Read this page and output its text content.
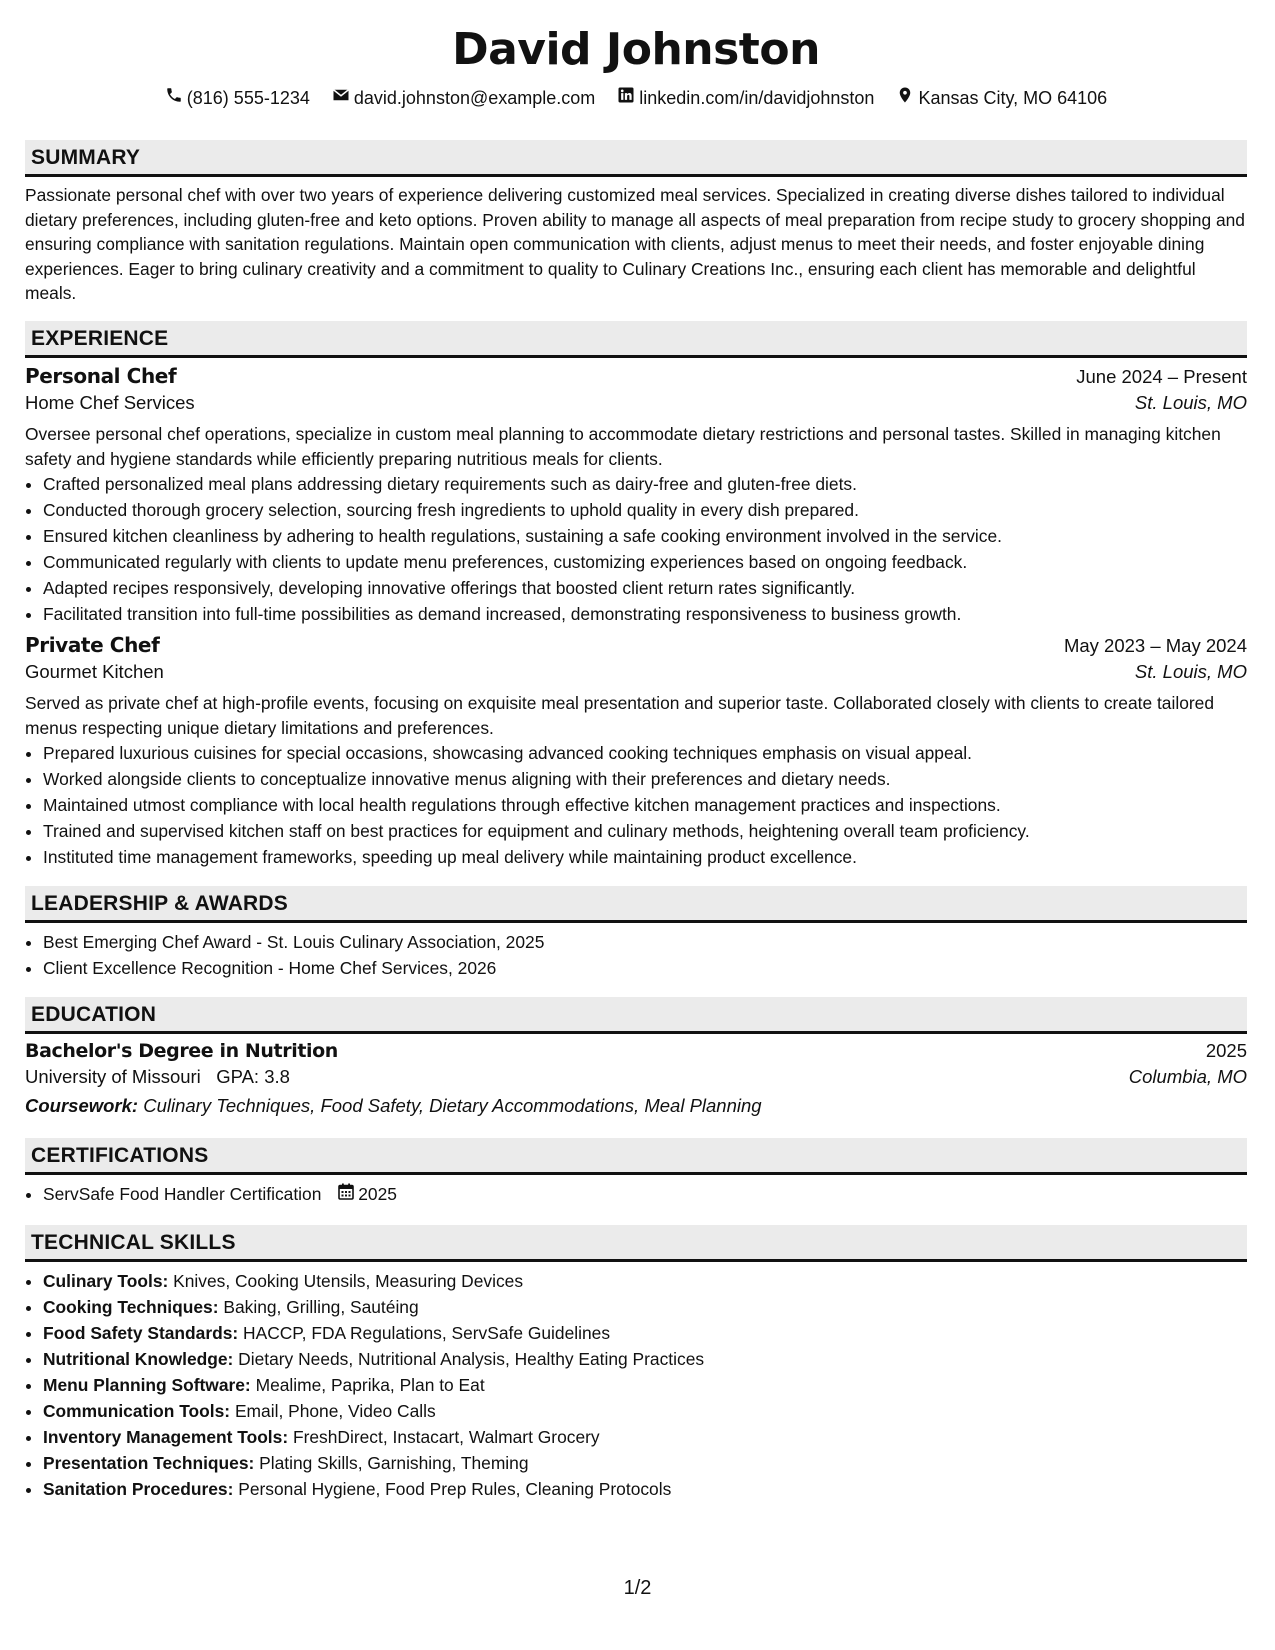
David Johnston
(816) 555-1234 david.johnston@example.com linkedin.com/in/davidjohnston Kansas City, MO 64106
SUMMARY

Passionate personal chef with over two years of experience delivering customized meal services. Specialized in creating diverse dishes tailored to individual dietary preferences, including gluten-free and keto options. Proven ability to manage all aspects of meal preparation from recipe study to grocery shopping and ensuring compliance with sanitation regulations. Maintain open communication with clients, adjust menus to meet their needs, and foster enjoyable dining experiences. Eager to bring culinary creativity and a commitment to quality to Culinary Creations Inc., ensuring each client has memorable and delightful meals.

EXPERIENCE
Personal Chef	June 2024 – Present
Home Chef Services	St. Louis, MO

Oversee personal chef operations, specialize in custom meal planning to accommodate dietary restrictions and personal tastes. Skilled in managing kitchen safety and hygiene standards while efficiently preparing nutritious meals for clients.

• Crafted personalized meal plans addressing dietary requirements such as dairy-free and gluten-free diets.
• Conducted thorough grocery selection, sourcing fresh ingredients to uphold quality in every dish prepared.
• Ensured kitchen cleanliness by adhering to health regulations, sustaining a safe cooking environment involved in the service.
• Communicated regularly with clients to update menu preferences, customizing experiences based on ongoing feedback.
• Adapted recipes responsively, developing innovative offerings that boosted client return rates significantly.
• Facilitated transition into full-time possibilities as demand increased, demonstrating responsiveness to business growth.
Private Chef	May 2023 – May 2024
Gourmet Kitchen	St. Louis, MO

Served as private chef at high-profile events, focusing on exquisite meal presentation and superior taste. Collaborated closely with clients to create tailored menus respecting unique dietary limitations and preferences.

• Prepared luxurious cuisines for special occasions, showcasing advanced cooking techniques emphasis on visual appeal.
• Worked alongside clients to conceptualize innovative menus aligning with their preferences and dietary needs.
• Maintained utmost compliance with local health regulations through effective kitchen management practices and inspections.
• Trained and supervised kitchen staff on best practices for equipment and culinary methods, heightening overall team proficiency.
• Instituted time management frameworks, speeding up meal delivery while maintaining product excellence.
LEADERSHIP & AWARDS
• Best Emerging Chef Award - St. Louis Culinary Association, 2025
• Client Excellence Recognition - Home Chef Services, 2026
EDUCATION
Bachelor's Degree in Nutrition	2025
University of Missouri GPA: 3.8	Columbia, MO
Coursework: Culinary Techniques, Food Safety, Dietary Accommodations, Meal Planning
CERTIFICATIONS
• ServSafe Food Handler Certification 2025
TECHNICAL SKILLS
• Culinary Tools: Knives, Cooking Utensils, Measuring Devices
• Cooking Techniques: Baking, Grilling, Sautéing
• Food Safety Standards: HACCP, FDA Regulations, ServSafe Guidelines
• Nutritional Knowledge: Dietary Needs, Nutritional Analysis, Healthy Eating Practices
• Menu Planning Software: Mealime, Paprika, Plan to Eat
• Communication Tools: Email, Phone, Video Calls
• Inventory Management Tools: FreshDirect, Instacart, Walmart Grocery
• Presentation Techniques: Plating Skills, Garnishing, Theming
• Sanitation Procedures: Personal Hygiene, Food Prep Rules, Cleaning Protocols
1/2
